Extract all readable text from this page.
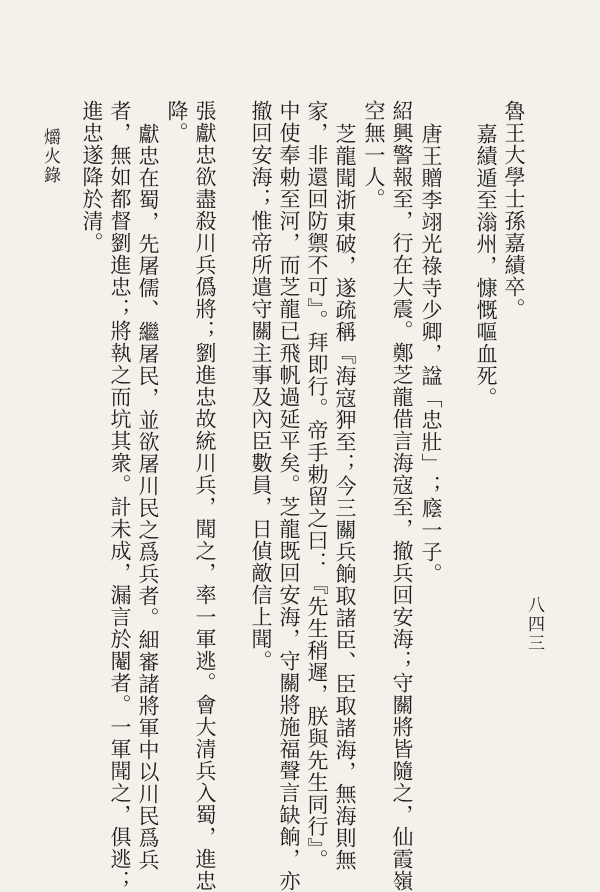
魯王大學士孫嘉績卒。
嘉績遁至滃州，慷慨嘔血死。
唐王贈李翊光祿寺少卿，諡「忠壯」；廕一子。
紹興警報至，行在大震。鄭芝龍借言海寇至，撤兵回安海；守關將皆隨之，仙霞嶺
空無一人。
芝龍聞浙東破，遂疏稱『海寇狎至；今三關兵餉取諸臣、臣取諸海，無海則無
家，非還回防禦不可』。拜即行。帝手勅留之曰：『先生稍遲，朕與先生同行』。
中使奉勅至河，而芝龍已飛帆過延平矣。芝龍既回安海，守關將施福聲言缺餉，亦
撤回安海；惟帝所遣守關主事及內臣數員，日偵敵信上聞。
張獻忠欲盡殺川兵僞將；劉進忠故統川兵，聞之，率一軍逃。會大清兵入蜀，進忠
降。
獻忠在蜀，先屠儒、繼屠民，並欲屠川民之爲兵者。細審諸將軍中以川民爲兵
者，無如都督劉進忠；將執之而坑其衆。計未成，漏言於閹者。一軍聞之，俱逃；
進忠遂降於清。
八四三
爝火錄
